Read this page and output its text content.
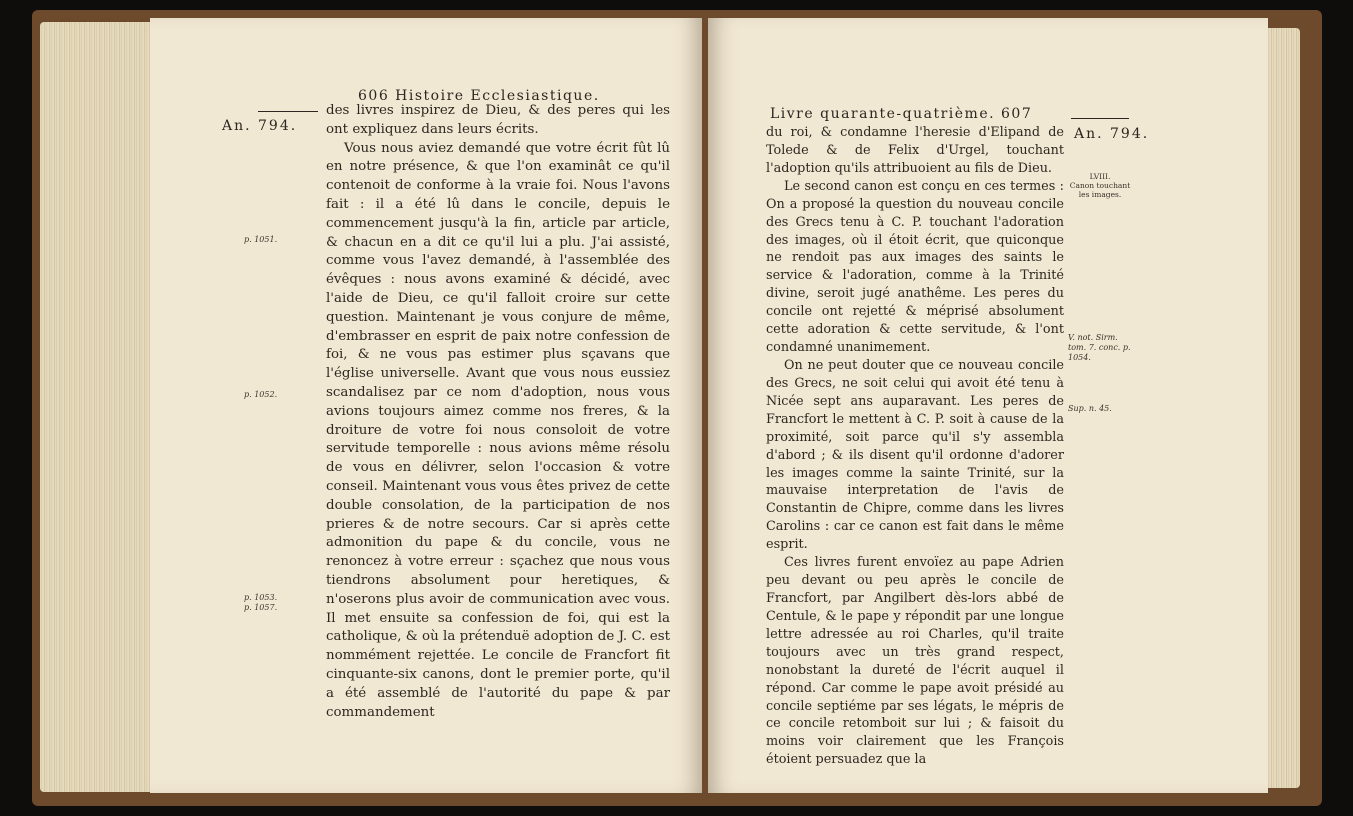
606 Histoire Ecclesiastique.
An. 794.
p. 1051.
p. 1052.
p. 1053.
p. 1057.

des livres inspirez de Dieu, & des peres qui les ont expliquez dans leurs écrits.

Vous nous aviez demandé que votre écrit fût lû en notre présence, & que l'on examinât ce qu'il contenoit de conforme à la vraie foi. Nous l'avons fait : il a été lû dans le concile, depuis le commencement jusqu'à la fin, article par article, & chacun en a dit ce qu'il lui a plu. J'ai assisté, comme vous l'avez demandé, à l'assemblée des évêques : nous avons examiné & décidé, avec l'aide de Dieu, ce qu'il falloit croire sur cette question. Maintenant je vous conjure de même, d'embrasser en esprit de paix notre confession de foi, & ne vous pas estimer plus sçavans que l'église universelle. Avant que vous nous eussiez scandalisez par ce nom d'adoption, nous vous avions toujours aimez comme nos freres, & la droiture de votre foi nous consoloit de votre servitude temporelle : nous avions même résolu de vous en délivrer, selon l'occasion & votre conseil. Maintenant vous vous êtes privez de cette double consolation, de la participation de nos prieres & de notre secours. Car si après cette admonition du pape & du concile, vous ne renoncez à votre erreur : sçachez que nous vous tiendrons absolument pour heretiques, & n'oserons plus avoir de communication avec vous. Il met ensuite sa confession de foi, qui est la catholique, & où la prétenduë adoption de J. C. est nommément rejettée. Le concile de Francfort fit cinquante-six canons, dont le premier porte, qu'il a été assemblé de l'autorité du pape & par commandement

Livre quarante-quatrième. 607
An. 794.
LVIII.
Canon touchant
les images.
V. not. Sirm. tom. 7. conc. p. 1054.
Sup. n. 45.

du roi, & condamne l'heresie d'Elipand de Tolede & de Felix d'Urgel, touchant l'adoption qu'ils attribuoient au fils de Dieu.

Le second canon est conçu en ces termes : On a proposé la question du nouveau concile des Grecs tenu à C. P. touchant l'adoration des images, où il étoit écrit, que quiconque ne rendoit pas aux images des saints le service & l'adoration, comme à la Trinité divine, seroit jugé anathême. Les peres du concile ont rejetté & méprisé absolument cette adoration & cette servitude, & l'ont condamné unanimement.

On ne peut douter que ce nouveau concile des Grecs, ne soit celui qui avoit été tenu à Nicée sept ans auparavant. Les peres de Francfort le mettent à C. P. soit à cause de la proximité, soit parce qu'il s'y assembla d'abord ; & ils disent qu'il ordonne d'adorer les images comme la sainte Trinité, sur la mauvaise interpretation de l'avis de Constantin de Chipre, comme dans les livres Carolins : car ce canon est fait dans le même esprit.

Ces livres furent envoïez au pape Adrien peu devant ou peu après le concile de Francfort, par Angilbert dès-lors abbé de Centule, & le pape y répondit par une longue lettre adressée au roi Charles, qu'il traite toujours avec un très grand respect, nonobstant la dureté de l'écrit auquel il répond. Car comme le pape avoit présidé au concile septiéme par ses légats, le mépris de ce concile retomboit sur lui ; & faisoit du moins voir clairement que les François étoient persuadez que la
